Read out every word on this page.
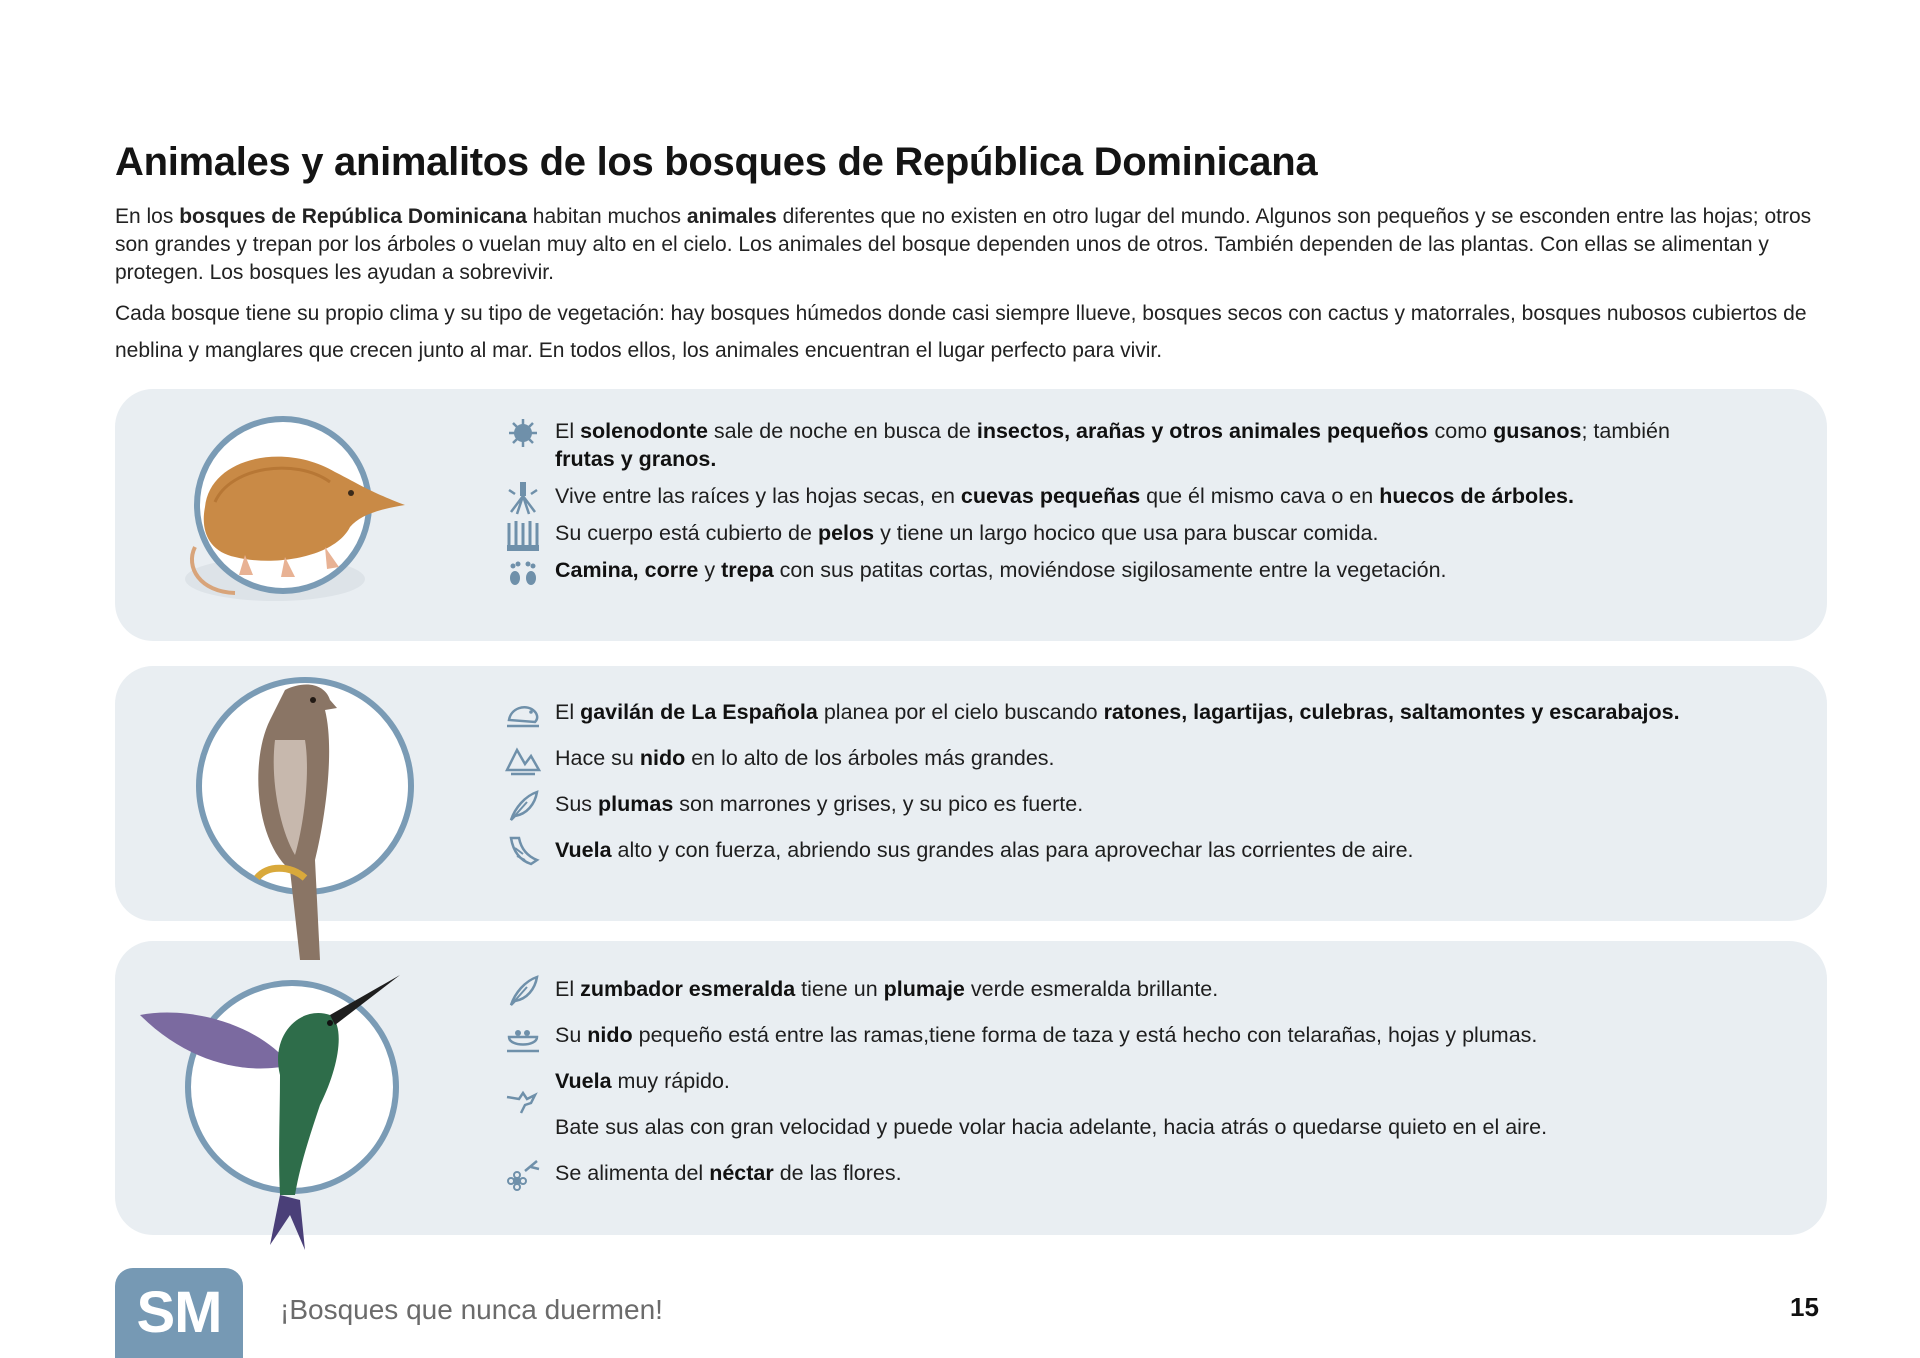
Animales y animalitos de los bosques de República Dominicana

En los bosques de República Dominicana habitan muchos animales diferentes que no existen en otro lugar del mundo. Algunos son pequeños y se esconden entre las hojas; otros son grandes y trepan por los árboles o vuelan muy alto en el cielo. Los animales del bosque dependen unos de otros. También dependen de las plantas. Con ellas se alimentan y protegen. Los bosques les ayudan a sobrevivir.

Cada bosque tiene su propio clima y su tipo de vegetación: hay bosques húmedos donde casi siempre llueve, bosques secos con cactus y matorrales, bosques nubosos cubiertos de neblina y manglares que crecen junto al mar. En todos ellos, los animales encuentran el lugar perfecto para vivir.

El solenodonte sale de noche en busca de insectos, arañas y otros animales pequeños como gusanos; también frutas y granos.
Vive entre las raíces y las hojas secas, en cuevas pequeñas que él mismo cava o en huecos de árboles.
Su cuerpo está cubierto de pelos y tiene un largo hocico que usa para buscar comida.
Camina, corre y trepa con sus patitas cortas, moviéndose sigilosamente entre la vegetación.
El gavilán de La Española planea por el cielo buscando ratones, lagartijas, culebras, saltamontes y escarabajos.
Hace su nido en lo alto de los árboles más grandes.
Sus plumas son marrones y grises, y su pico es fuerte.
Vuela alto y con fuerza, abriendo sus grandes alas para aprovechar las corrientes de aire.
El zumbador esmeralda tiene un plumaje verde esmeralda brillante.
Su nido pequeño está entre las ramas,tiene forma de taza y está hecho con telarañas, hojas y plumas.
Vuela muy rápido.
Bate sus alas con gran velocidad y puede volar hacia adelante, hacia atrás o quedarse quieto en el aire.
Se alimenta del néctar de las flores.
SM	¡Bosques que nunca duermen!	15
